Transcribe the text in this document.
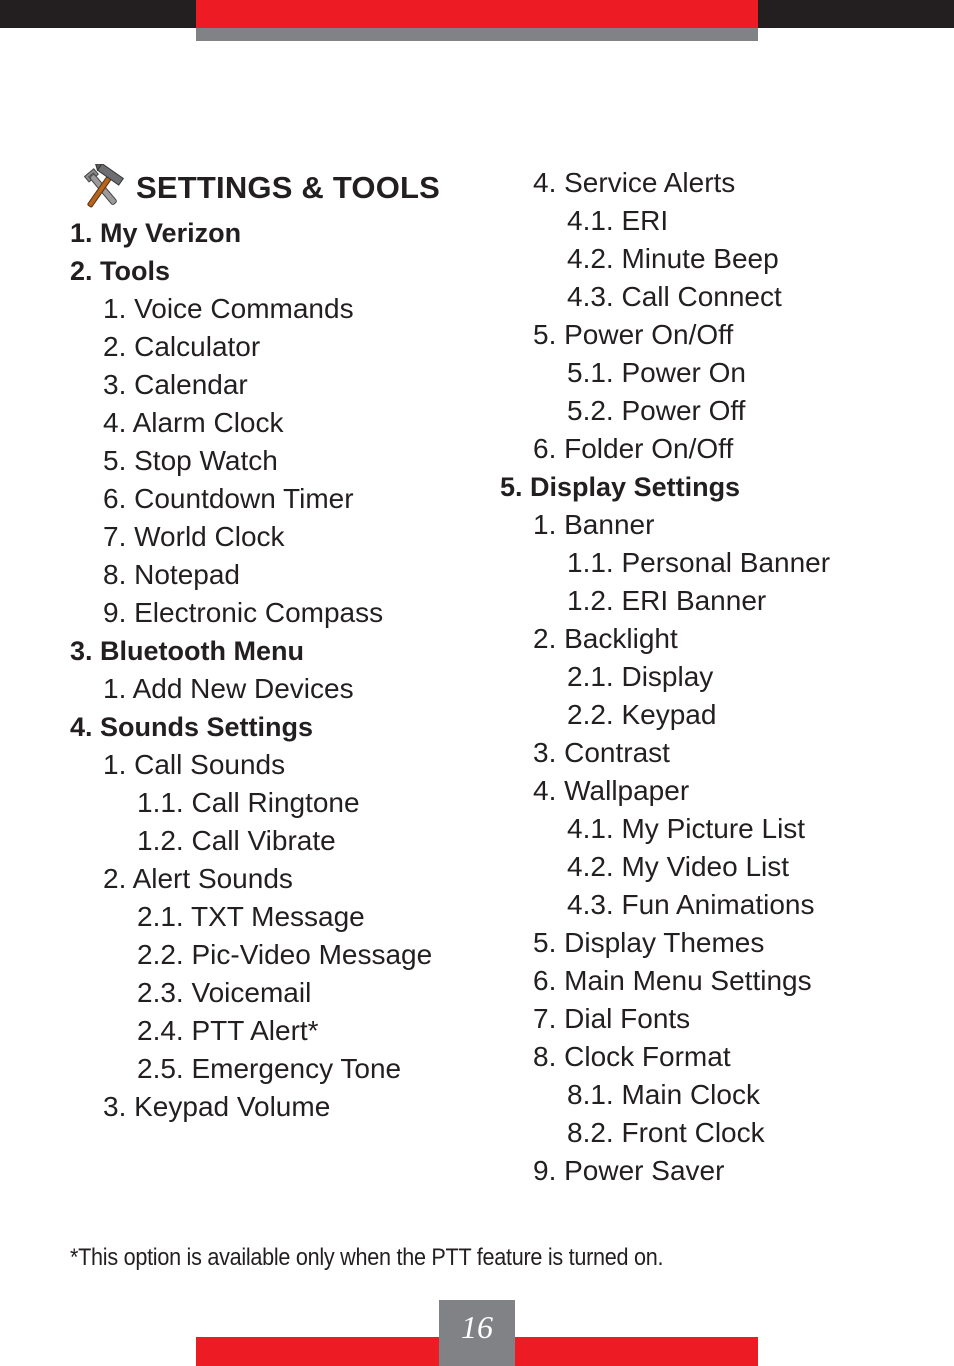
SETTINGS & TOOLS
1. My Verizon
2. Tools
1. Voice Commands
2. Calculator
3. Calendar
4. Alarm Clock
5. Stop Watch
6. Countdown Timer
7. World Clock
8. Notepad
9. Electronic Compass
3. Bluetooth Menu
1. Add New Devices
4. Sounds Settings
1. Call Sounds
1.1. Call Ringtone
1.2. Call Vibrate
2. Alert Sounds
2.1. TXT Message
2.2. Pic-Video Message
2.3. Voicemail
2.4. PTT Alert*
2.5. Emergency Tone
3. Keypad Volume
4. Service Alerts
4.1. ERI
4.2. Minute Beep
4.3. Call Connect
5. Power On/Off
5.1. Power On
5.2. Power Off
6. Folder On/Off
5. Display Settings
1. Banner
1.1. Personal Banner
1.2. ERI Banner
2. Backlight
2.1. Display
2.2. Keypad
3. Contrast
4. Wallpaper
4.1. My Picture List
4.2. My Video List
4.3. Fun Animations
5. Display Themes
6. Main Menu Settings
7. Dial Fonts
8. Clock Format
8.1. Main Clock
8.2. Front Clock
9. Power Saver
*This option is available only when the PTT feature is turned on.
16
